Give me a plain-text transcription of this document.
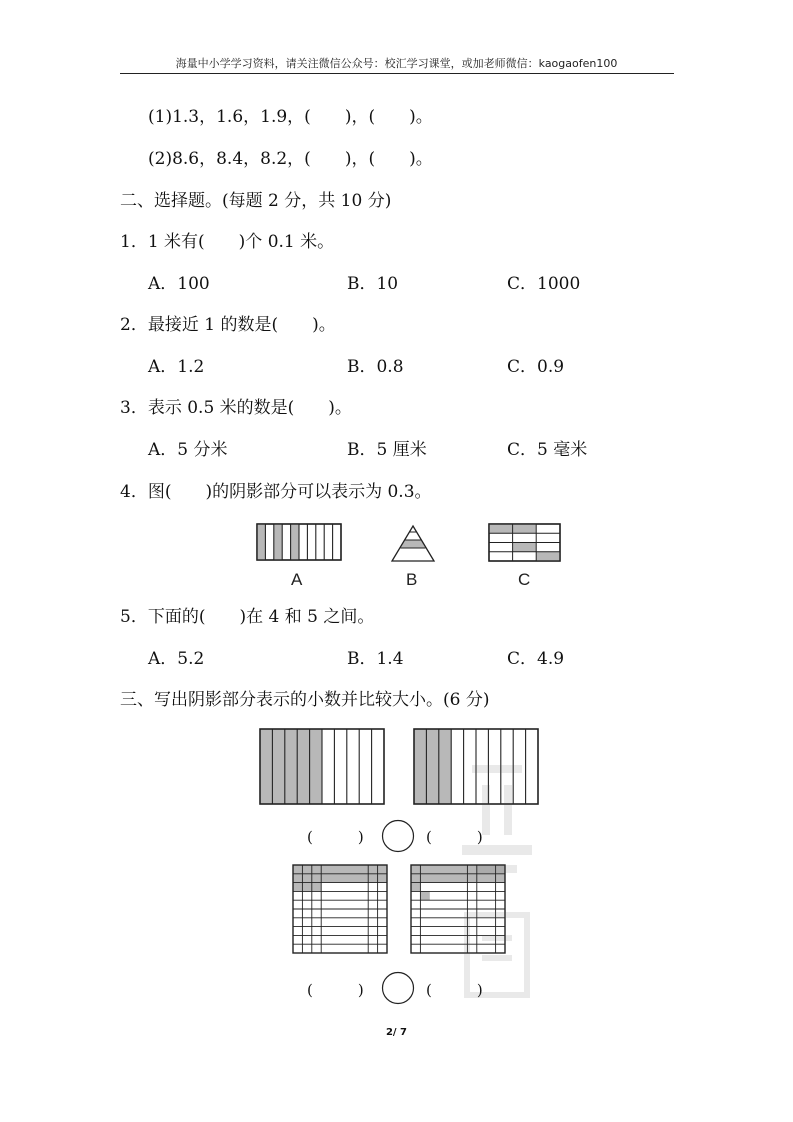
海量中小学学习资料，请关注微信公众号：校汇学习课堂，或加老师微信：kaogaofen100
(1)1.3，1.6，1.9，(　　)，(　　)。
(2)8.6，8.4，8.2，(　　)，(　　)。
二、选择题。(每题 2 分，共 10 分)
1．1 米有(　　)个 0.1 米。
A．100	B．10	C．1000
2．最接近 1 的数是(　　)。
A．1.2	B．0.8	C．0.9
3．表示 0.5 米的数是(　　)。
A．5 分米	B．5 厘米	C．5 毫米
4．图(　　)的阴影部分可以表示为 0.3。
A	B	C
5．下面的(　　)在 4 和 5 之间。
A．5.2	B．1.4	C．4.9
三、写出阴影部分表示的小数并比较大小。(6 分)
(　　　)	(　　　)
(　　　)	(　　　)
2/ 7
